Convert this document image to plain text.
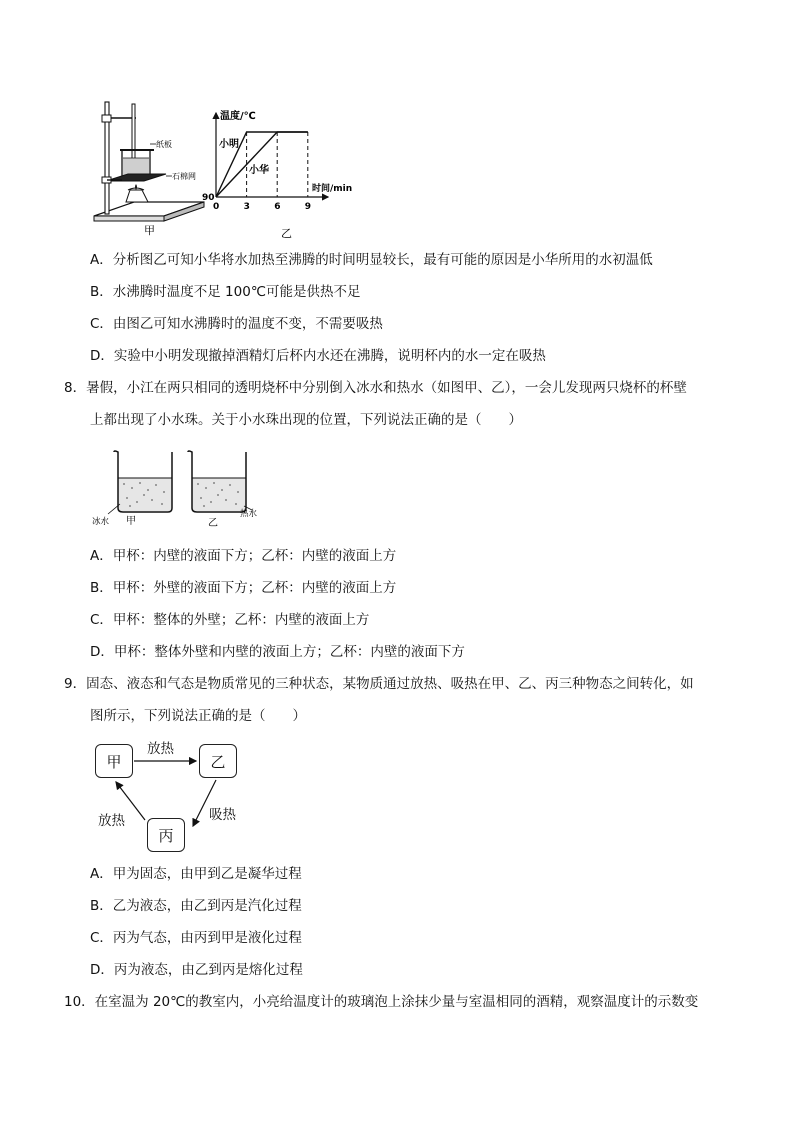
纸板
石棉网
甲
0	3	6	9
90
温度/℃
时间/min
小明
小华
乙
A．分析图乙可知小华将水加热至沸腾的时间明显较长，最有可能的原因是小华所用的水初温低
B．水沸腾时温度不足 100℃可能是供热不足
C．由图乙可知水沸腾时的温度不变，不需要吸热
D．实验中小明发现撤掉酒精灯后杯内水还在沸腾，说明杯内的水一定在吸热
8．暑假，小江在两只相同的透明烧杯中分别倒入冰水和热水（如图甲、乙），一会儿发现两只烧杯的杯壁
上都出现了小水珠。关于小水珠出现的位置，下列说法正确的是（　　）
冰水 甲	乙
热水
A．甲杯：内壁的液面下方；乙杯：内壁的液面上方
B．甲杯：外壁的液面下方；乙杯：内壁的液面上方
C．甲杯：整体的外壁；乙杯：内壁的液面上方
D．甲杯：整体外壁和内壁的液面上方；乙杯：内壁的液面下方
9．固态、液态和气态是物质常见的三种状态，某物质通过放热、吸热在甲、乙、丙三种物态之间转化，如
图所示，下列说法正确的是（　　）
甲	乙
丙
放热
吸热
放热
A．甲为固态，由甲到乙是凝华过程
B．乙为液态，由乙到丙是汽化过程
C．丙为气态，由丙到甲是液化过程
D．丙为液态，由乙到丙是熔化过程
10．在室温为 20℃的教室内，小亮给温度计的玻璃泡上涂抹少量与室温相同的酒精，观察温度计的示数变
